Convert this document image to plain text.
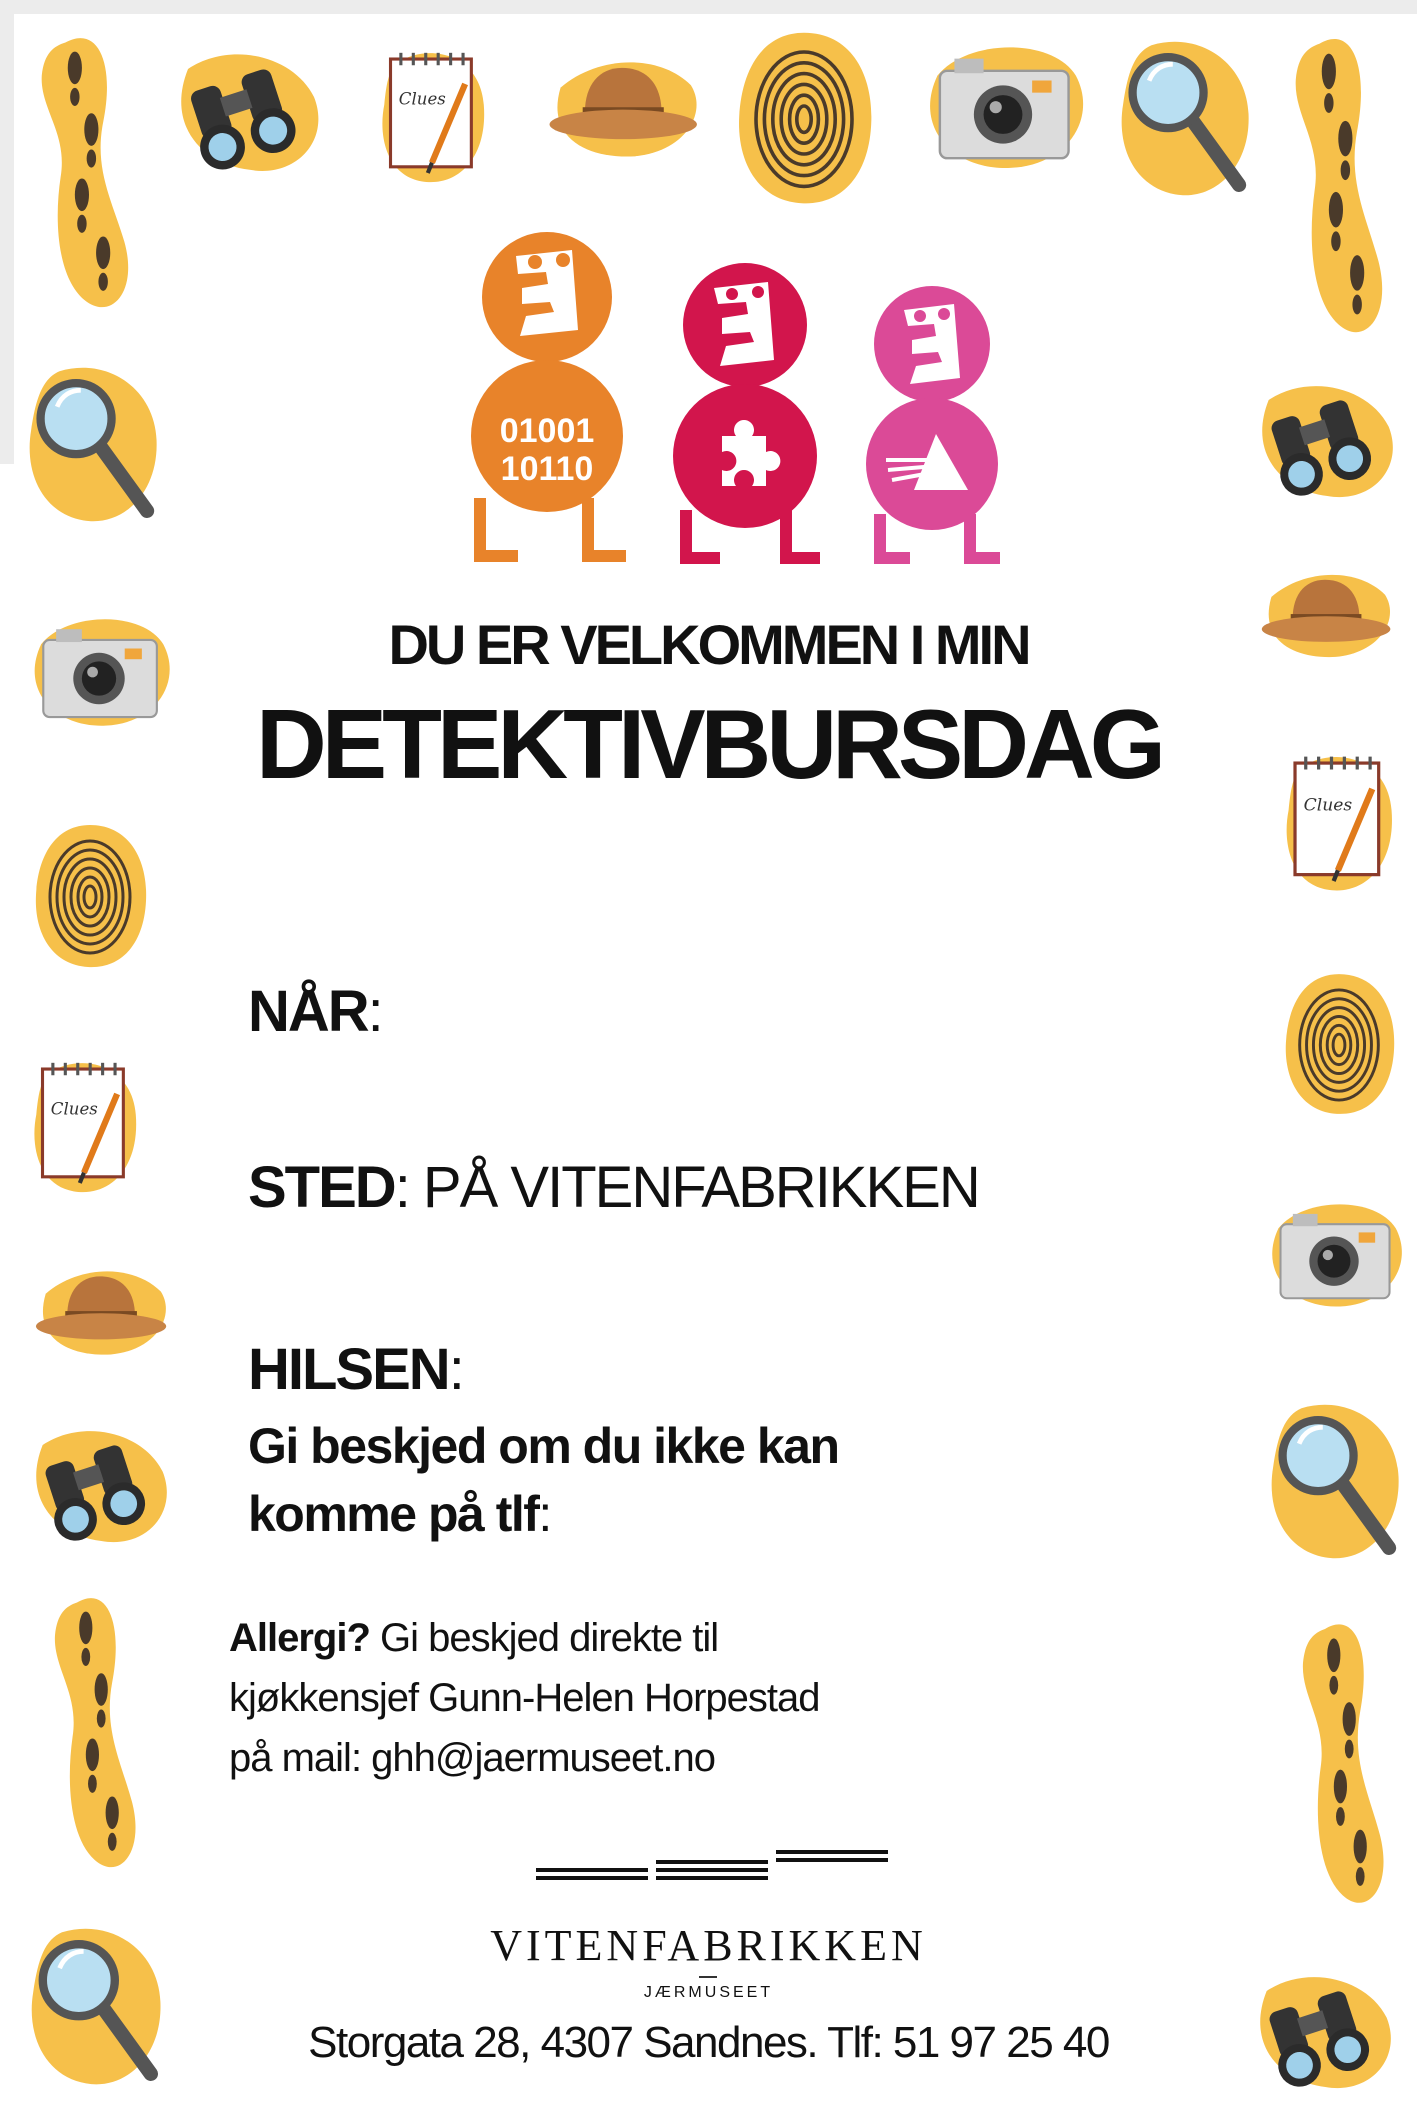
Clues
Clues
Clues
01001
10110
DU ER VELKOMMEN I MIN
DETEKTIVBURSDAG
NÅR:
STED: PÅ VITENFABRIKKEN
HILSEN:
Gi beskjed om du ikke kan
komme på tlf:
Allergi? Gi beskjed direkte til
kjøkkensjef Gunn-Helen Horpestad
på mail: ghh@jaermuseet.no
VITENFABRIKKEN
JÆRMUSEET
Storgata 28, 4307 Sandnes. Tlf: 51 97 25 40
